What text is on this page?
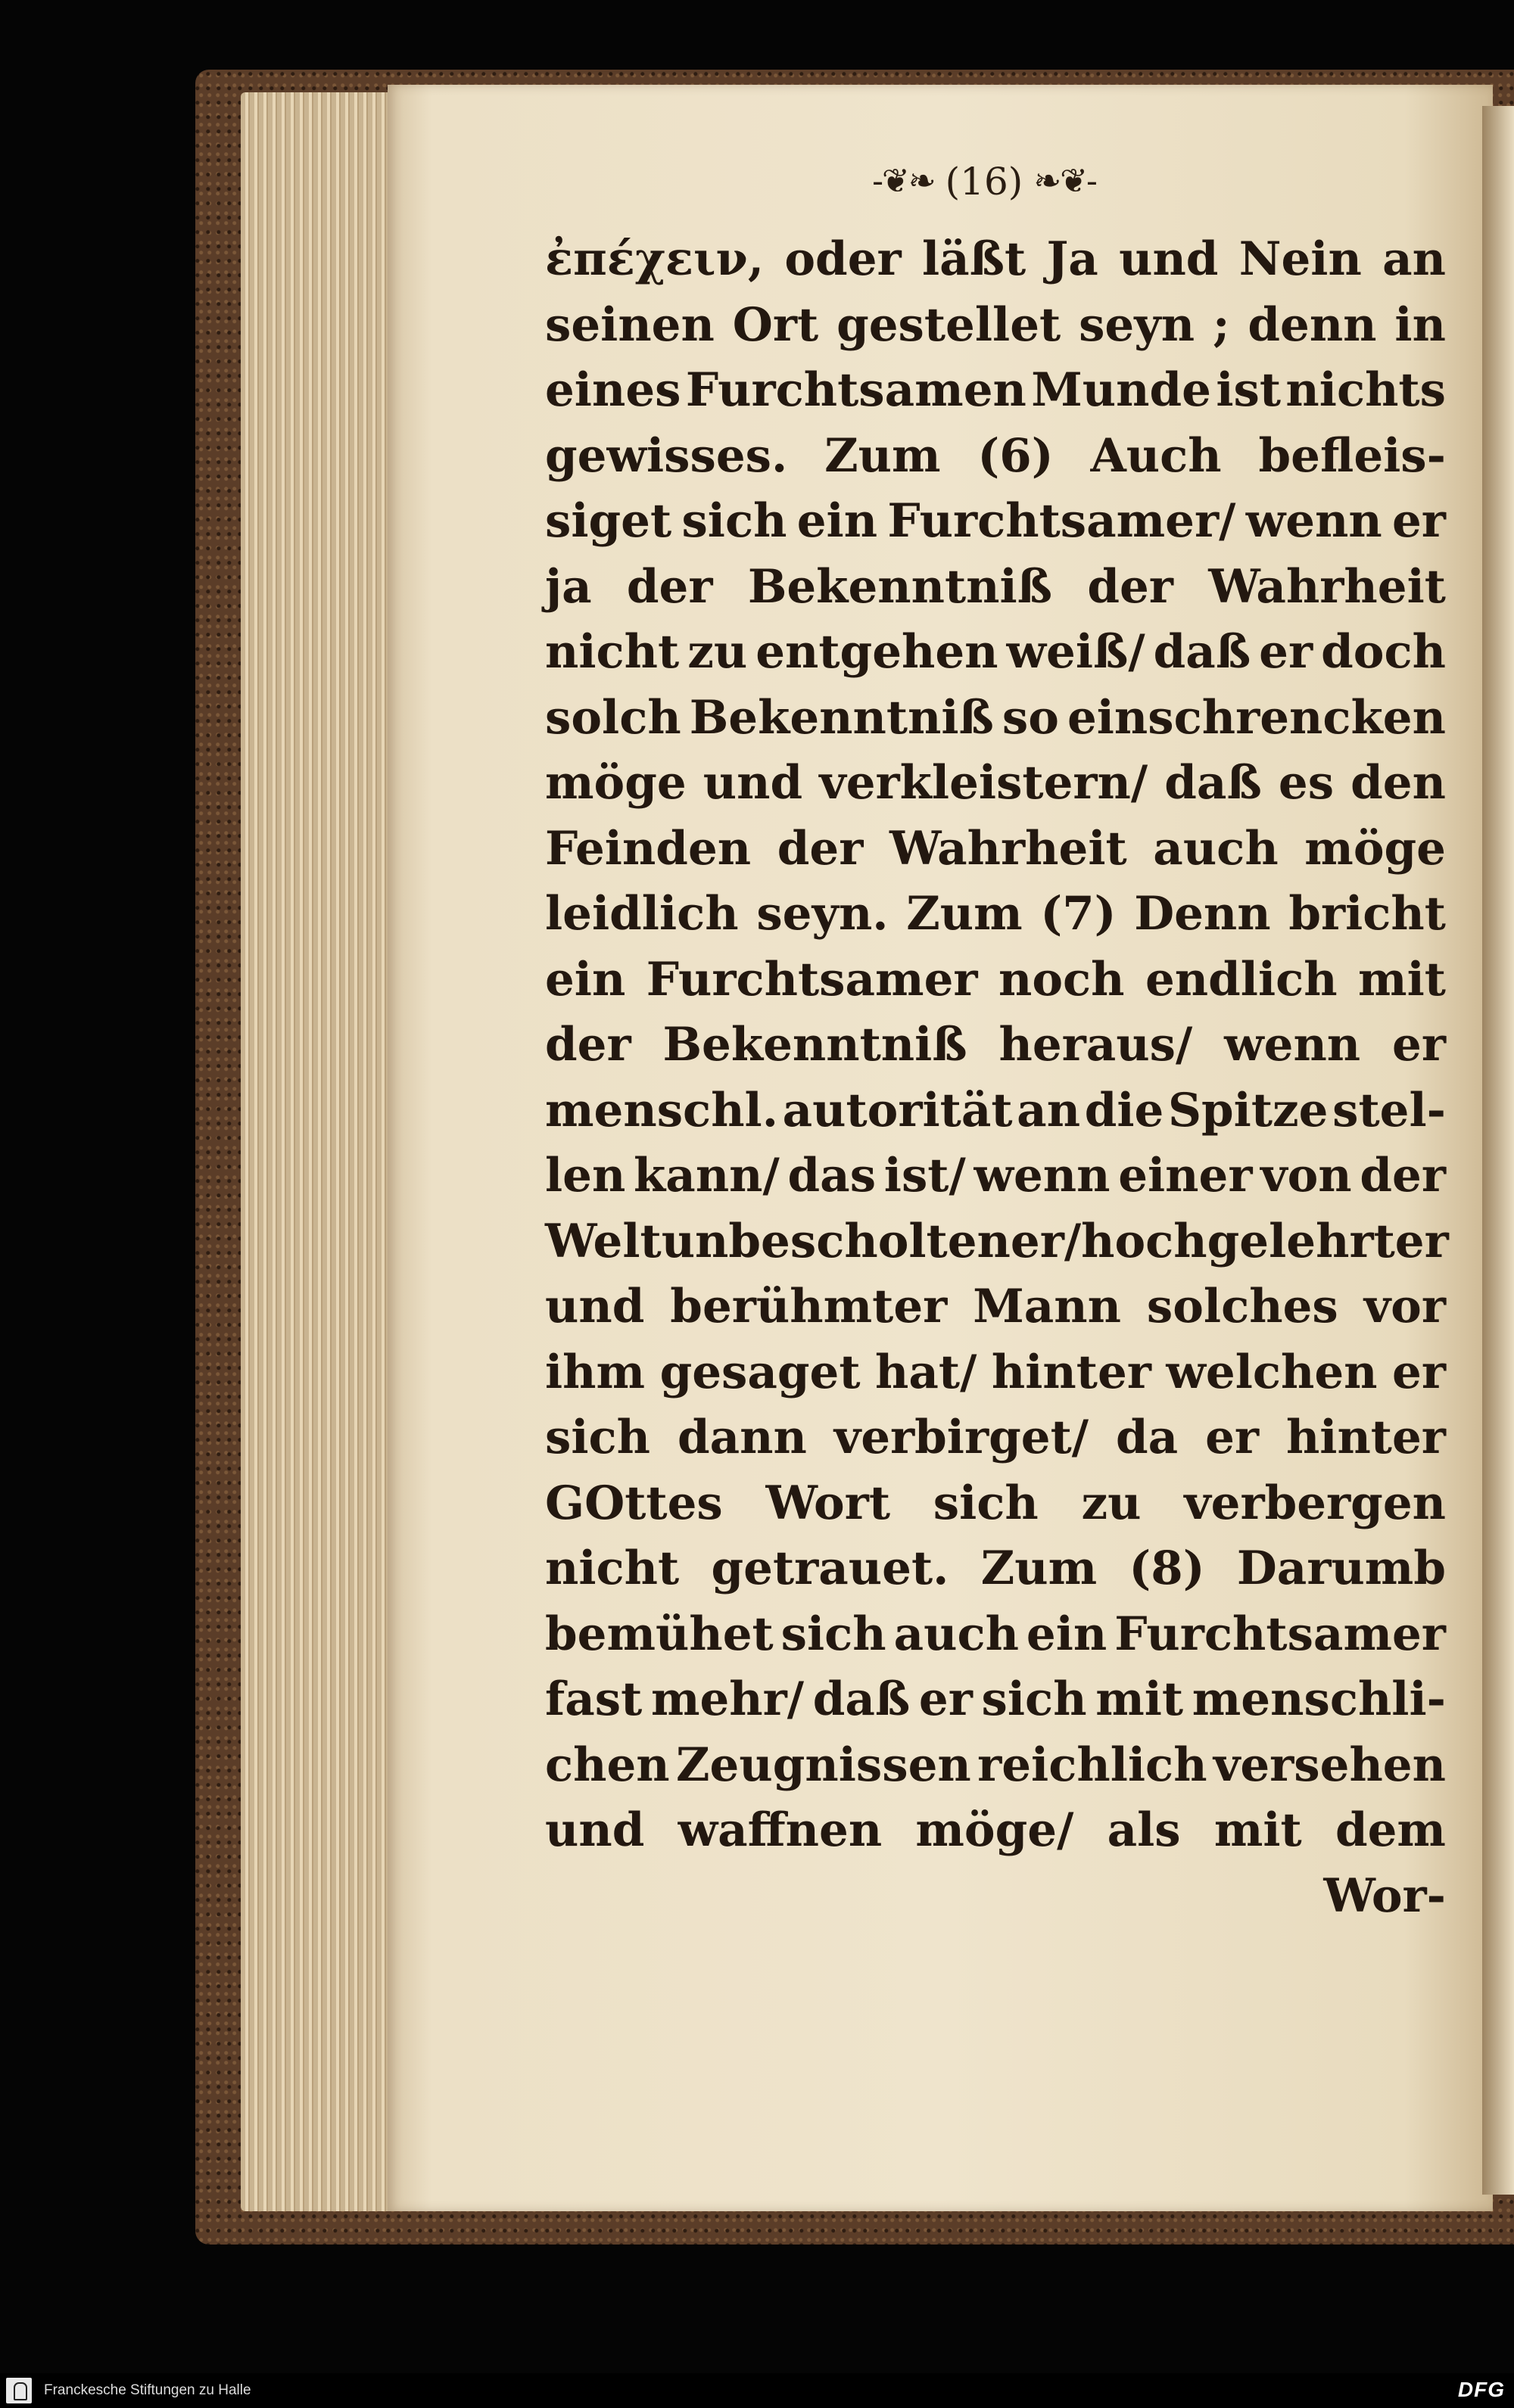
-❦❧ (16) ❧❦-
ἐπέχειν, oder läßt Ja und Nein an
seinen Ort gestellet seyn ; denn in
eines Furchtsamen Munde ist nichts
gewisses. Zum (6) Auch befleis-
siget sich ein Furchtsamer/ wenn er
ja der Bekenntniß der Wahrheit
nicht zu entgehen weiß/ daß er doch
solch Bekenntniß so einschrencken
möge und verkleistern/ daß es den
Feinden der Wahrheit auch möge
leidlich seyn. Zum (7) Denn bricht
ein Furchtsamer noch endlich mit
der Bekenntniß heraus/ wenn er
menschl. autorität an die Spitze stel-
len kann/ das ist/ wenn einer von der
Welt unbescholtener/ hochgelehrter
und berühmter Mann solches vor
ihm gesaget hat/ hinter welchen er
sich dann verbirget/ da er hinter
GOttes Wort sich zu verbergen
nicht getrauet. Zum (8) Darumb
bemühet sich auch ein Furchtsamer
fast mehr/ daß er sich mit menschli-
chen Zeugnissen reichlich versehen
und waffnen möge/ als mit dem
Wor-
Franckesche Stiftungen zu Halle	DFG
